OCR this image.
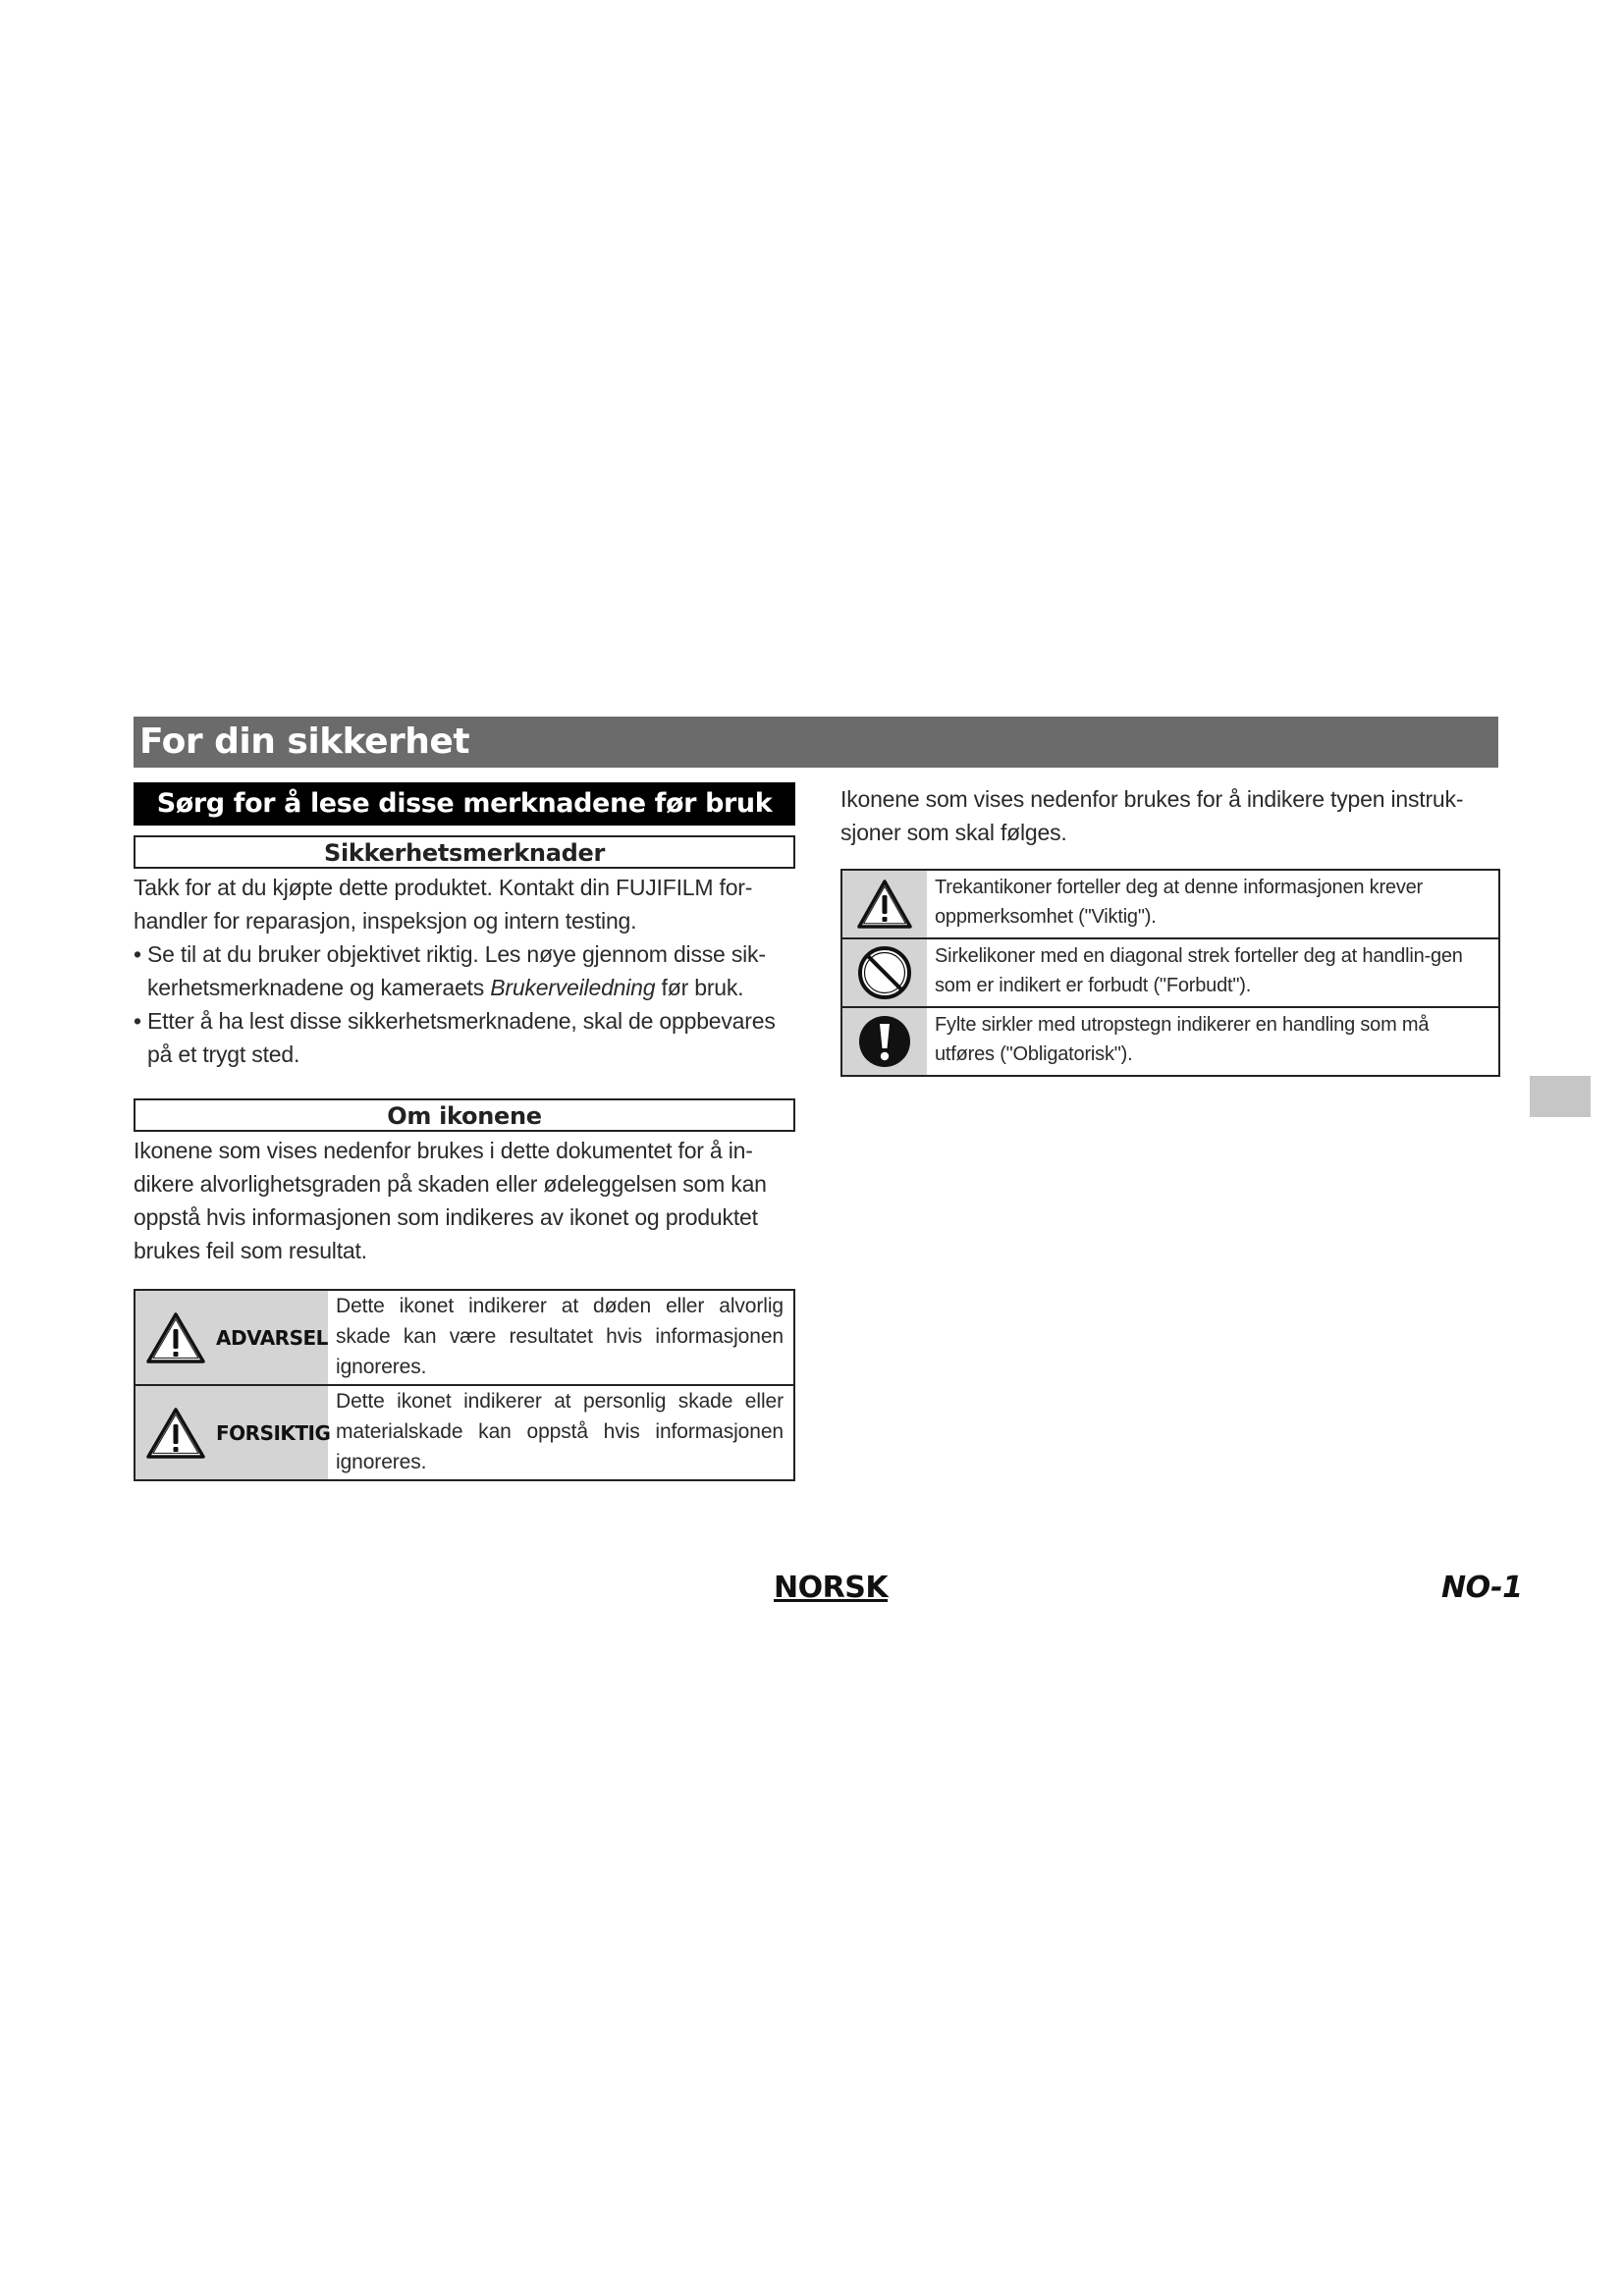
For din sikkerhet
Sørg for å lese disse merknadene før bruk
Sikkerhetsmerknader

Takk for at du kjøpte dette produktet. Kontakt din FUJIFILM for-handler for reparasjon, inspeksjon og intern testing.

• Se til at du bruker objektivet riktig. Les nøye gjennom disse sik-kerhetsmerknadene og kameraets Brukerveiledning før bruk.
• Etter å ha lest disse sikkerhetsmerknadene, skal de oppbevares på et trygt sted.
Om ikonene

Ikonene som vises nedenfor brukes i dette dokumentet for å in-dikere alvorlighetsgraden på skaden eller ødeleggelsen som kan oppstå hvis informasjonen som indikeres av ikonet og produktet brukes feil som resultat.

ADVARSEL
Dette ikonet indikerer at døden eller alvorlig skade kan være resultatet hvis informasjonen ignoreres.
FORSIKTIG
Dette ikonet indikerer at personlig skade eller materialskade kan oppstå hvis informasjonen ignoreres.

Ikonene som vises nedenfor brukes for å indikere typen instruk-sjoner som skal følges.

Trekantikoner forteller deg at denne informasjonen krever oppmerksomhet ("Viktig").
Sirkelikoner med en diagonal strek forteller deg at handlin-gen som er indikert er forbudt ("Forbudt").
Fylte sirkler med utropstegn indikerer en handling som må utføres ("Obligatorisk").
NORSK	NO-1
